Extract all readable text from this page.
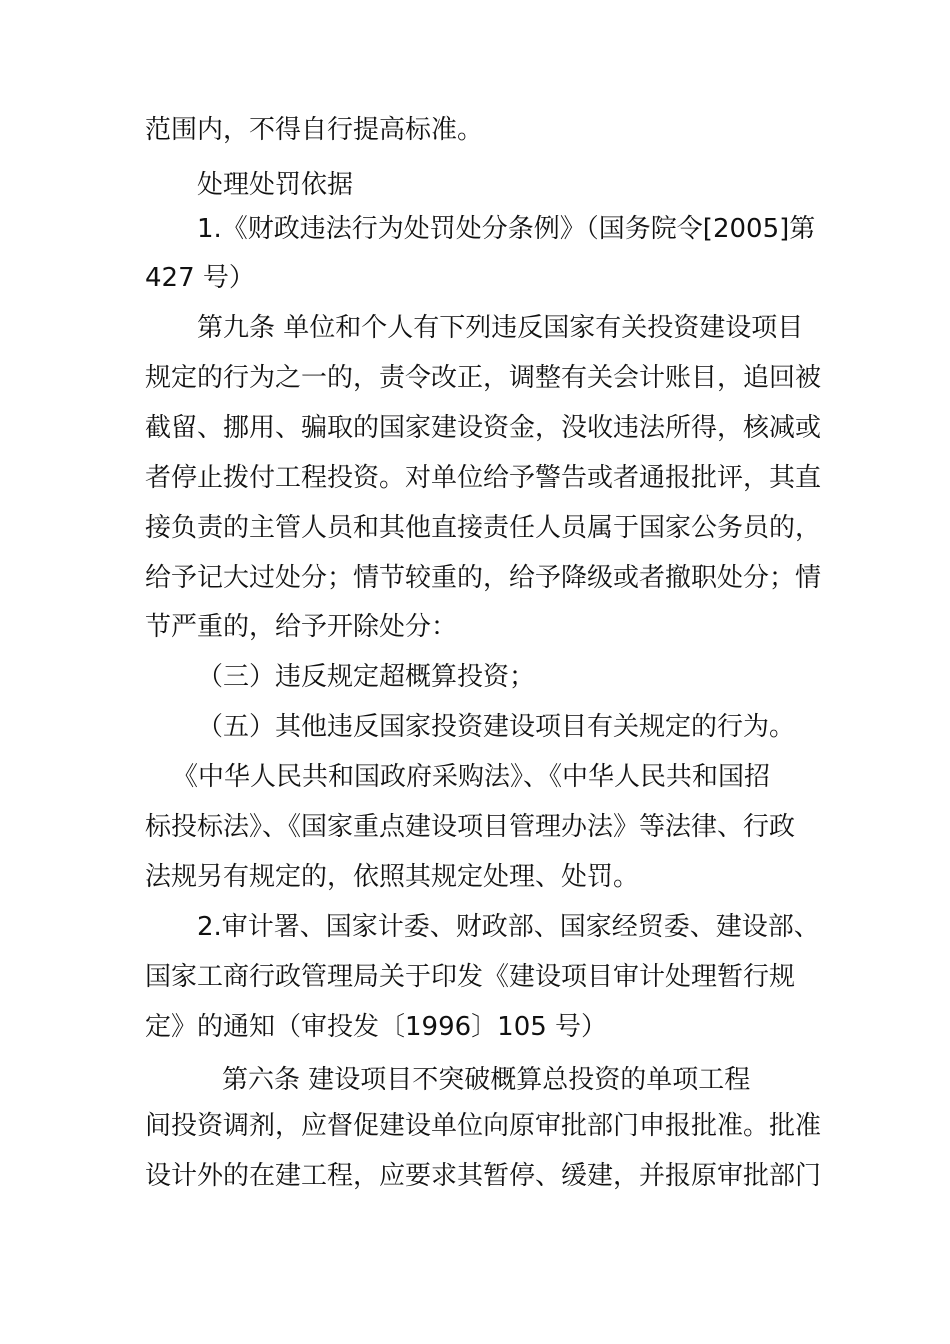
范围内，不得自行提高标准。
处理处罚依据
1.《财政违法行为处罚处分条例》（国务院令[2005]第
427 号）
第九条 单位和个人有下列违反国家有关投资建设项目
规定的行为之一的，责令改正，调整有关会计账目，追回被
截留、挪用、骗取的国家建设资金，没收违法所得，核减或
者停止拨付工程投资。对单位给予警告或者通报批评，其直
接负责的主管人员和其他直接责任人员属于国家公务员的，
给予记大过处分；情节较重的，给予降级或者撤职处分；情
节严重的，给予开除处分：
（三）违反规定超概算投资；
（五）其他违反国家投资建设项目有关规定的行为。
《中华人民共和国政府采购法》、《中华人民共和国招
标投标法》、《国家重点建设项目管理办法》等法律、行政
法规另有规定的，依照其规定处理、处罚。
2.审计署、国家计委、财政部、国家经贸委、建设部、
国家工商行政管理局关于印发《建设项目审计处理暂行规
定》的通知（审投发〔1996〕105 号）
第六条 建设项目不突破概算总投资的单项工程
间投资调剂，应督促建设单位向原审批部门申报批准。批准
设计外的在建工程，应要求其暂停、缓建，并报原审批部门
